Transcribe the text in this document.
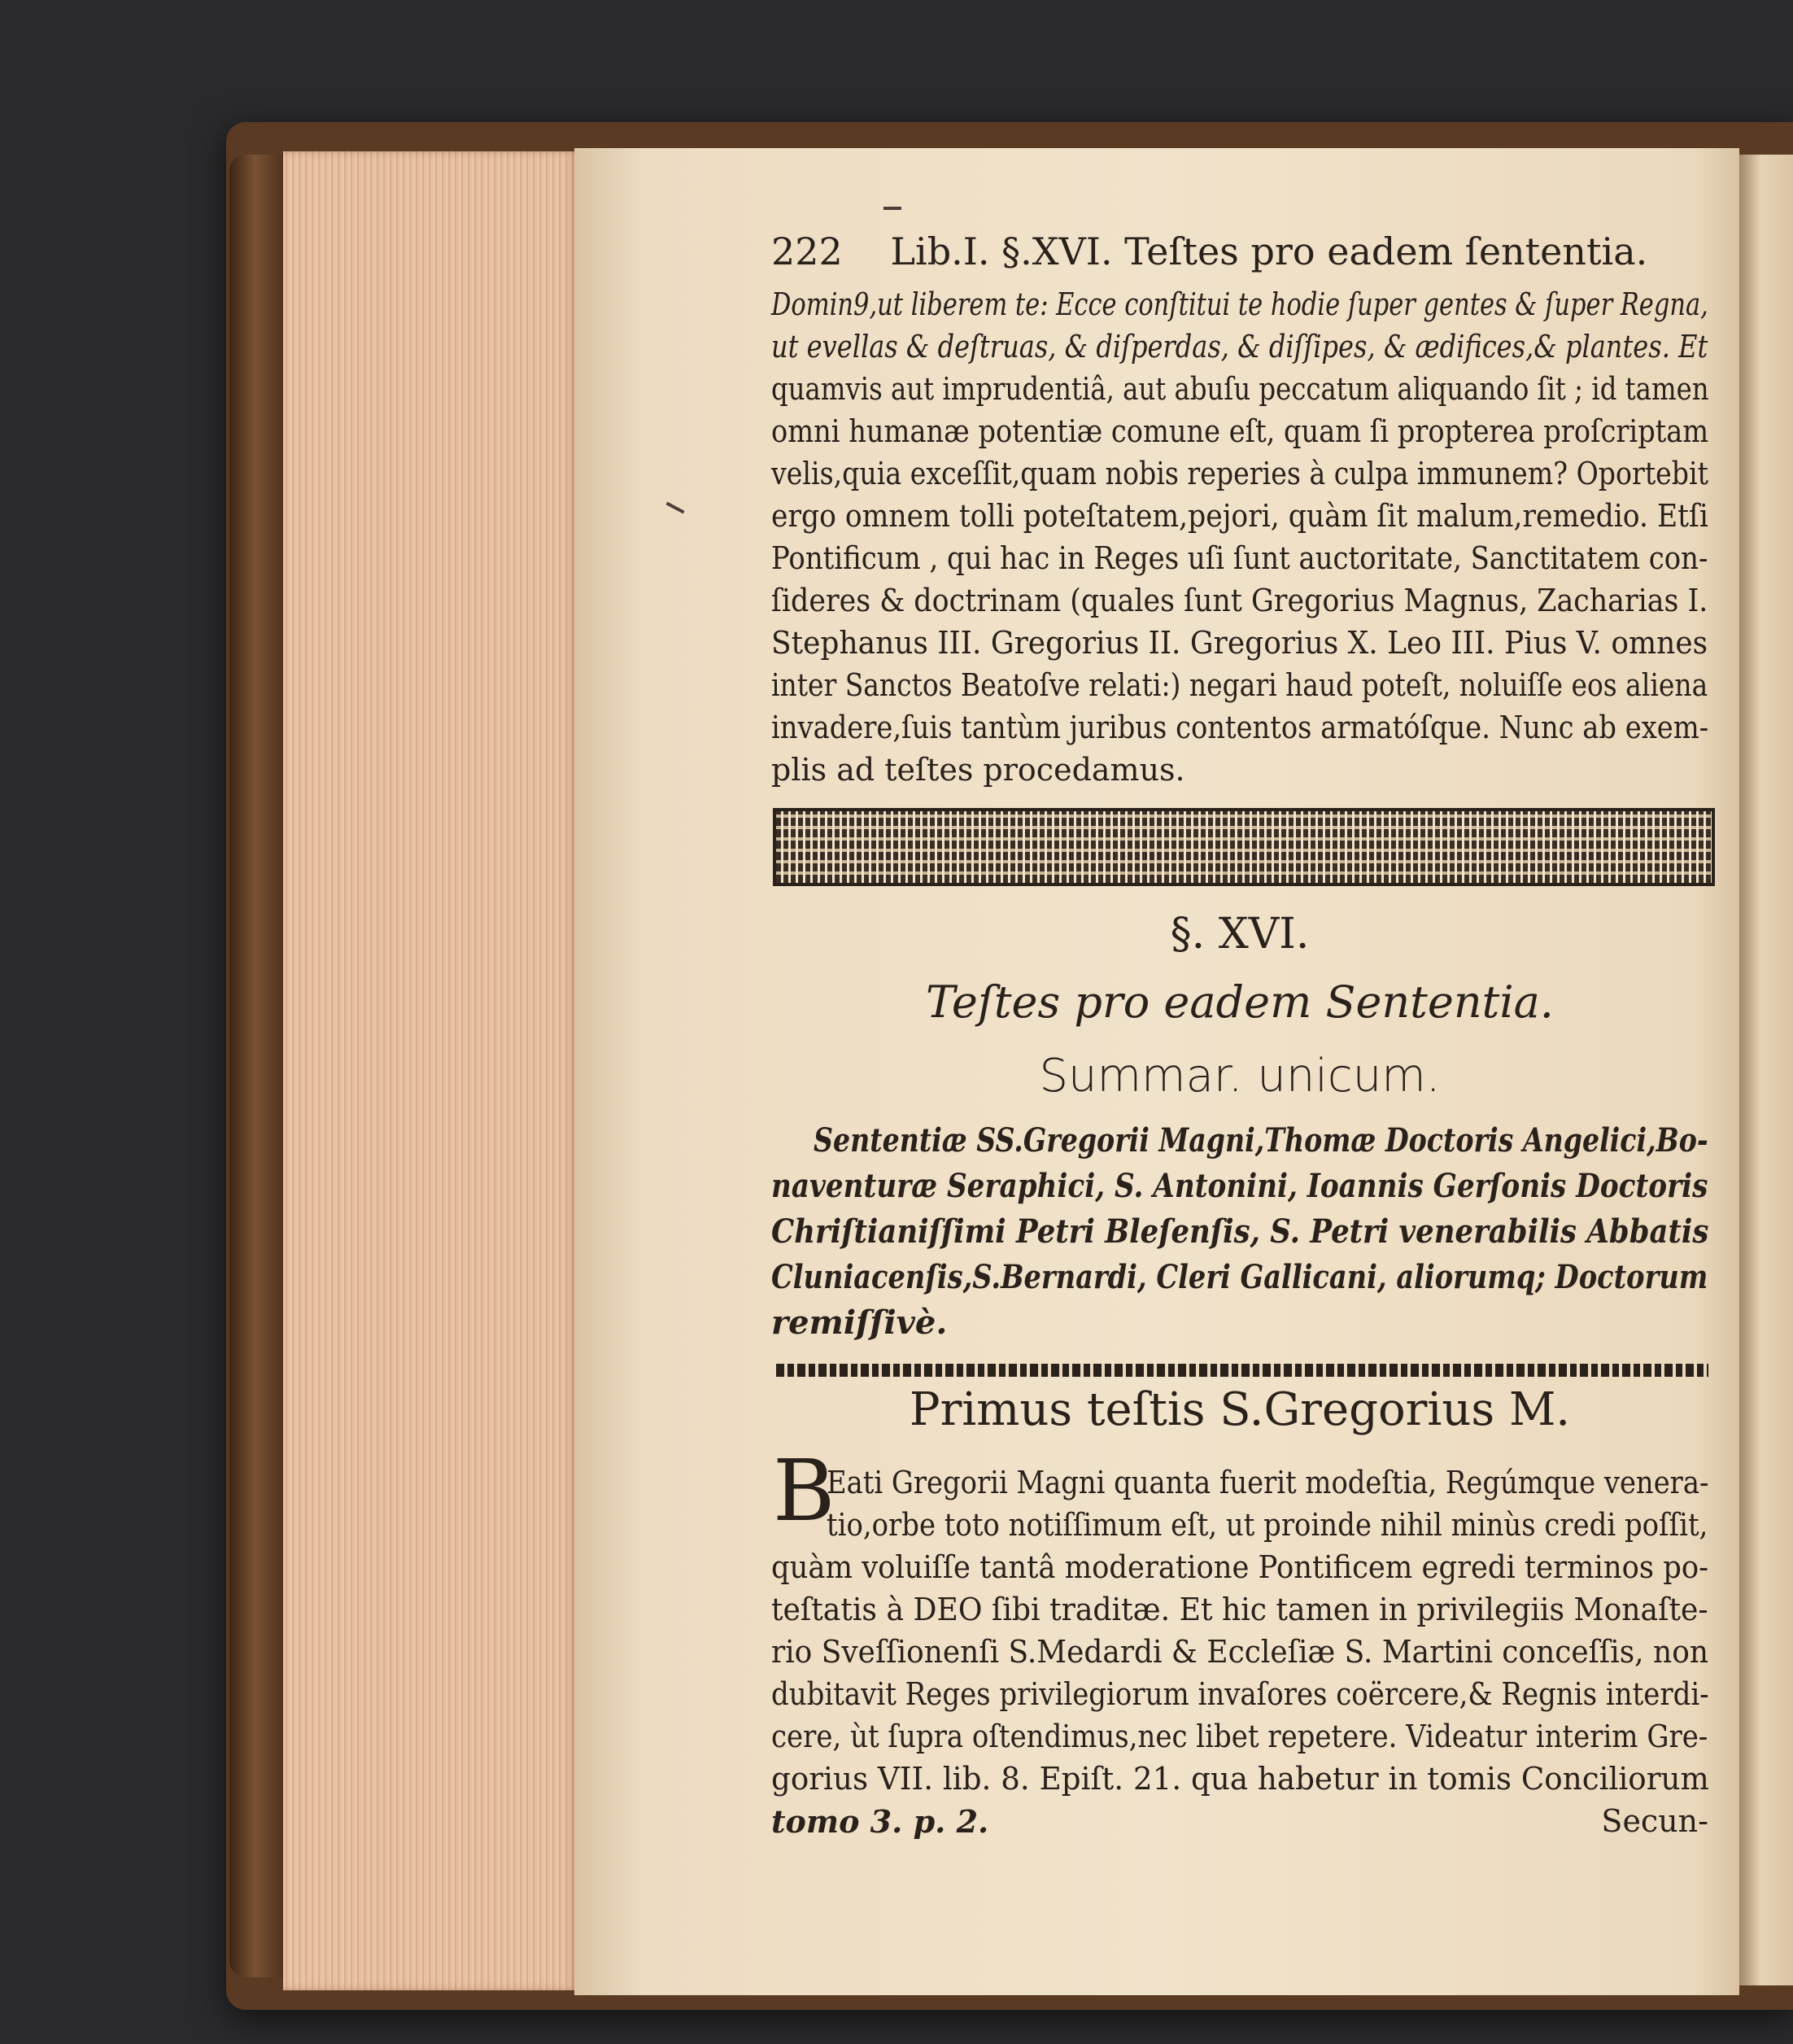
222 Lib.I. §.XVI. Teſtes pro eadem ſententia.
Domin9,ut liberem te: Ecce conſtitui te hodie ſuper gentes & ſuper Regna,
ut evellas & deſtruas, & diſperdas, & diſſipes, & ædifices,& plantes. Et
quamvis aut imprudentiâ, aut abuſu peccatum aliquando ſit ; id tamen
omni humanæ potentiæ comune eſt, quam ſi propterea proſcriptam
velis,quia exceſſit,quam nobis reperies à culpa immunem? Oportebit
ergo omnem tolli poteſtatem,pejori, quàm ſit malum,remedio. Etſi
Pontificum , qui hac in Reges uſi ſunt auctoritate, Sanctitatem con-
ſideres & doctrinam (quales ſunt Gregorius Magnus, Zacharias I.
Stephanus III. Gregorius II. Gregorius X. Leo III. Pius V. omnes
inter Sanctos Beatoſve relati:) negari haud poteſt, noluiſſe eos aliena
invadere,ſuis tantùm juribus contentos armatóſque. Nunc ab exem-
plis ad teſtes procedamus.
§. XVI.
Teſtes pro eadem Sententia.
Summar. unicum.
Sententiæ SS.Gregorii Magni,Thomæ Doctoris Angelici,Bo-
naventuræ Seraphici, S. Antonini, Ioannis Gerſonis Doctoris
Chriſtianiſſimi Petri Bleſenſis, S. Petri venerabilis Abbatis
Cluniacenſis,S.Bernardi, Cleri Gallicani, aliorumq; Doctorum
remiſſivè.
Primus teſtis S.Gregorius M.
B
Eati Gregorii Magni quanta fuerit modeſtia, Regúmque venera-
tio,orbe toto notiſſimum eſt, ut proinde nihil minùs credi poſſit,
quàm voluiſſe tantâ moderatione Pontificem egredi terminos po-
teſtatis à DEO ſibi traditæ. Et hic tamen in privilegiis Monaſte-
rio Sveſſionenſi S.Medardi & Eccleſiæ S. Martini conceſſis, non
dubitavit Reges privilegiorum invaſores coërcere,& Regnis interdi-
cere, ùt ſupra oſtendimus,nec libet repetere. Videatur interim Gre-
gorius VII. lib. 8. Epiſt. 21. qua habetur in tomis Conciliorum
tomo 3. p. 2.	Secun-
